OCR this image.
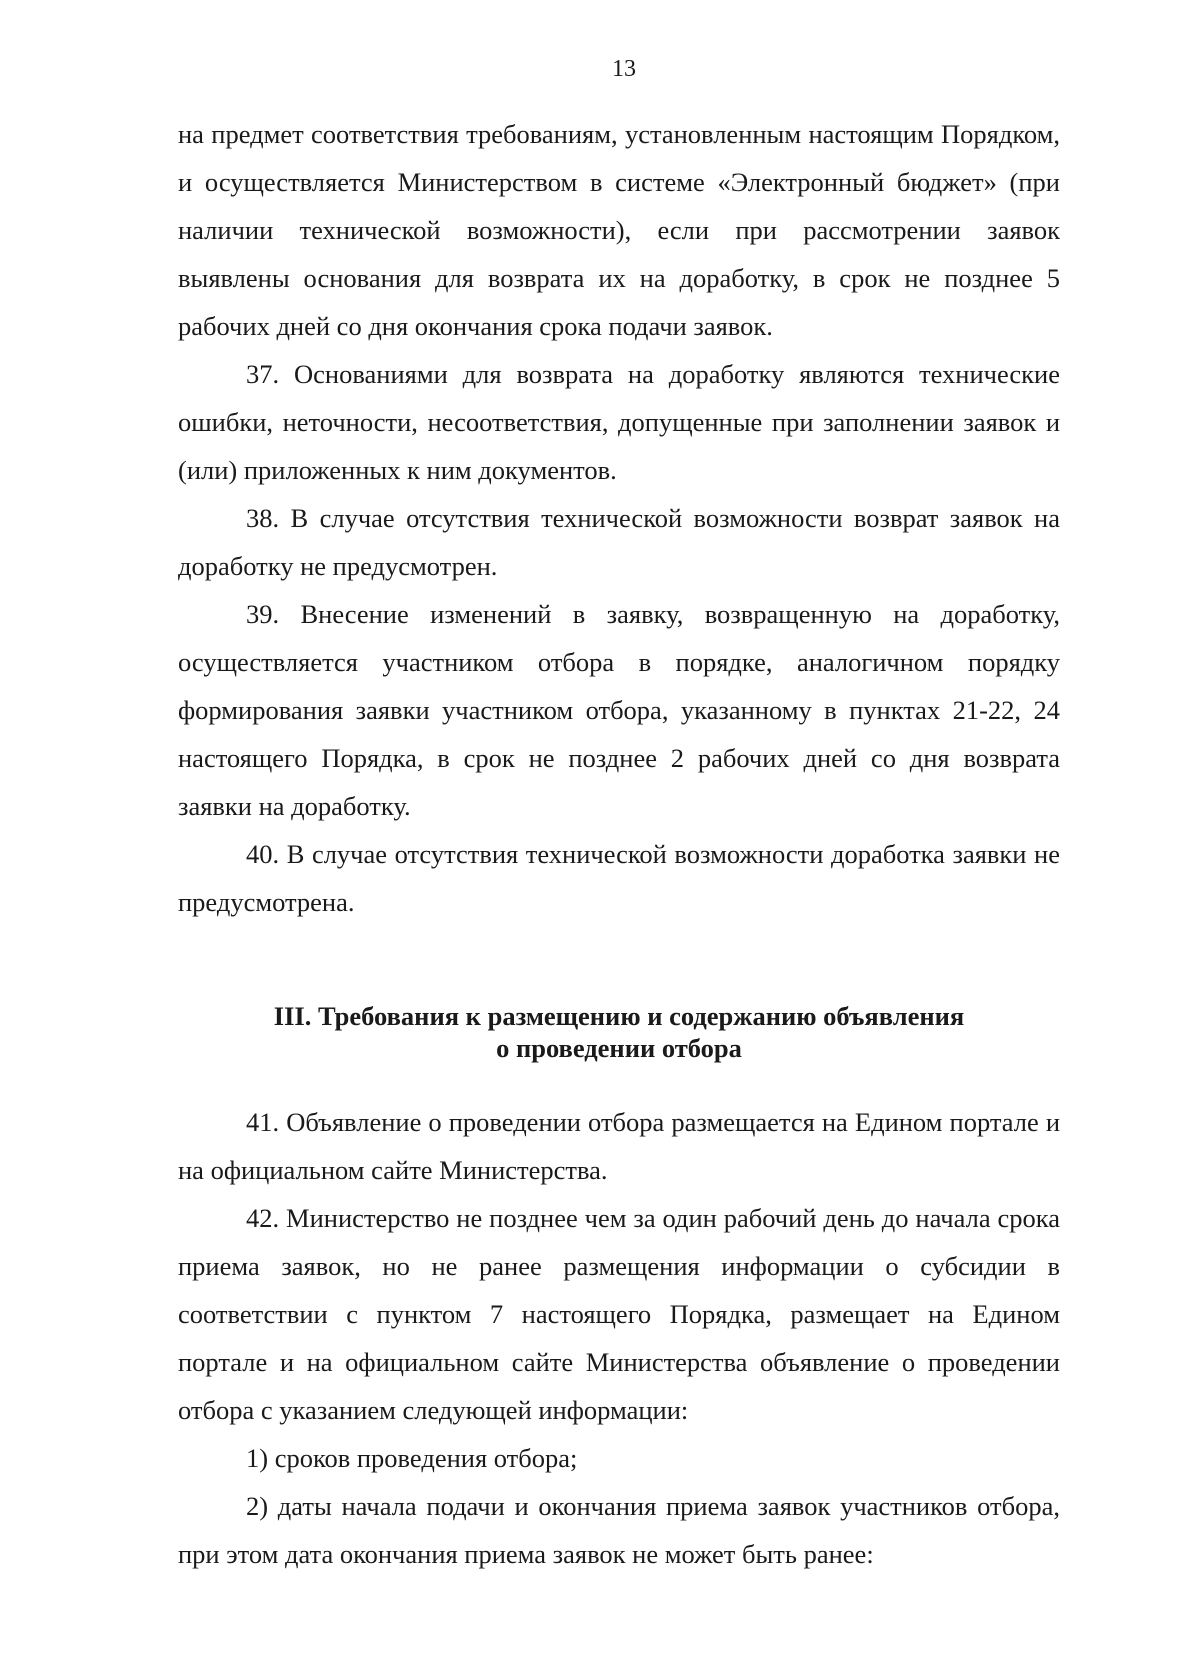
13

на предмет соответствия требованиям, установленным настоящим Порядком, и осуществляется Министерством в системе «Электронный бюджет» (при наличии технической возможности), если при рассмотрении заявок выявлены основания для возврата их на доработку, в срок не позднее 5 рабочих дней со дня окончания срока подачи заявок.

37. Основаниями для возврата на доработку являются технические ошибки, неточности, несоответствия, допущенные при заполнении заявок и (или) приложенных к ним документов.

38. В случае отсутствия технической возможности возврат заявок на доработку не предусмотрен.

39. Внесение изменений в заявку, возвращенную на доработку, осуществляется участником отбора в порядке, аналогичном порядку формирования заявки участником отбора, указанному в пунктах 21-22, 24 настоящего Порядка, в срок не позднее 2 рабочих дней со дня возврата заявки на доработку.

40. В случае отсутствия технической возможности доработка заявки не предусмотрена.

III. Требования к размещению и содержанию объявления
о проведении отбора

41. Объявление о проведении отбора размещается на Едином портале и на официальном сайте Министерства.

42. Министерство не позднее чем за один рабочий день до начала срока приема заявок, но не ранее размещения информации о субсидии в соответствии с пунктом 7 настоящего Порядка, размещает на Едином портале и на официальном сайте Министерства объявление о проведении отбора с указанием следующей информации:

1) сроков проведения отбора;

2) даты начала подачи и окончания приема заявок участников отбора, при этом дата окончания приема заявок не может быть ранее:
